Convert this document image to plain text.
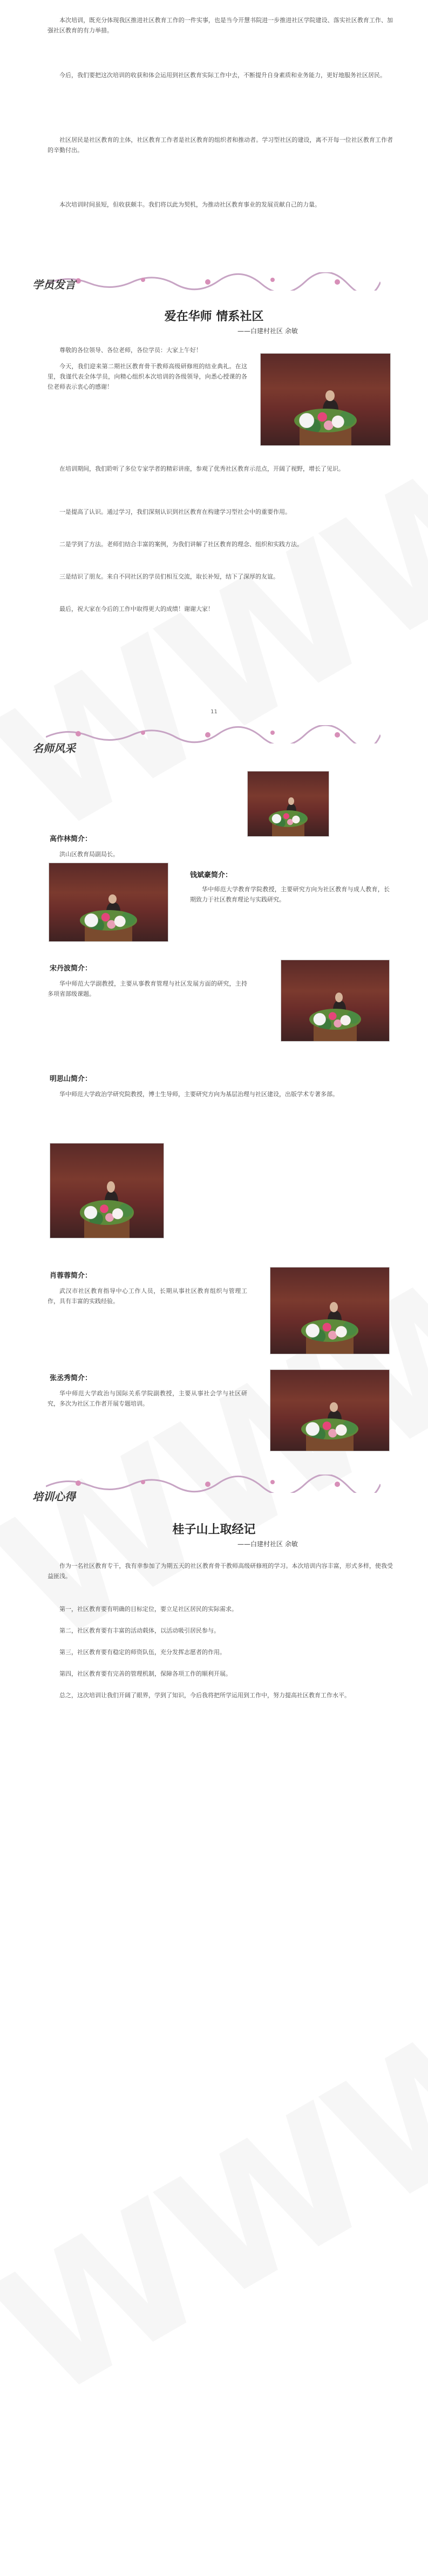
本次培训，既充分体现我区推进社区教育工作的一件实事，也是当今开慧书院进一步推进社区学院建设、落实社区教育工作、加强社区教育的有力举措。

今后，我们要把这次培训的收获和体会运用到社区教育实际工作中去，不断提升自身素质和业务能力，更好地服务社区居民。

社区居民是社区教育的主体，社区教育工作者是社区教育的组织者和推动者。学习型社区的建设，离不开每一位社区教育工作者的辛勤付出。

本次培训时间虽短，但收获颇丰。我们将以此为契机，为推动社区教育事业的发展贡献自己的力量。

学员发言
爱在华师 情系社区
——白建村社区 余敏

尊敬的各位领导、各位老师，各位学员：大家上午好！

今天，我们迎来第二期社区教育骨干教师高级研修班的结业典礼。在这里，我谨代表全体学员，向精心组织本次培训的各级领导，向悉心授课的各位老师表示衷心的感谢！

在培训期间，我们聆听了多位专家学者的精彩讲座，参观了优秀社区教育示范点，开阔了视野，增长了见识。

一是提高了认识。通过学习，我们深刻认识到社区教育在构建学习型社会中的重要作用。

二是学到了方法。老师们结合丰富的案例，为我们讲解了社区教育的理念、组织和实践方法。

三是结识了朋友。来自不同社区的学员们相互交流，取长补短，结下了深厚的友谊。

最后，祝大家在今后的工作中取得更大的成绩！谢谢大家！

11
名师风采
高作林简介：

洪山区教育局副局长。

钱斌豪简介：

华中师范大学教育学院教授，主要研究方向为社区教育与成人教育，长期致力于社区教育理论与实践研究。

宋丹波简介：

华中师范大学副教授，主要从事教育管理与社区发展方面的研究，主持多项省部级课题。

明思山简介：

华中师范大学政治学研究院教授，博士生导师，主要研究方向为基层治理与社区建设，出版学术专著多部。

肖蓉蓉简介：

武汉市社区教育指导中心工作人员，长期从事社区教育组织与管理工作，具有丰富的实践经验。

张丞秀简介：

华中师范大学政治与国际关系学院副教授，主要从事社会学与社区研究，多次为社区工作者开展专题培训。

培训心得
桂子山上取经记
——白建村社区 余敏

作为一名社区教育专干，我有幸参加了为期五天的社区教育骨干教师高级研修班的学习。本次培训内容丰富，形式多样，使我受益匪浅。

第一，社区教育要有明确的目标定位，要立足社区居民的实际需求。

第二，社区教育要有丰富的活动载体，以活动吸引居民参与。

第三，社区教育要有稳定的师资队伍，充分发挥志愿者的作用。

第四，社区教育要有完善的管理机制，保障各项工作的顺利开展。

总之，这次培训让我们开阔了眼界，学到了知识，今后我将把所学运用到工作中，努力提高社区教育工作水平。
